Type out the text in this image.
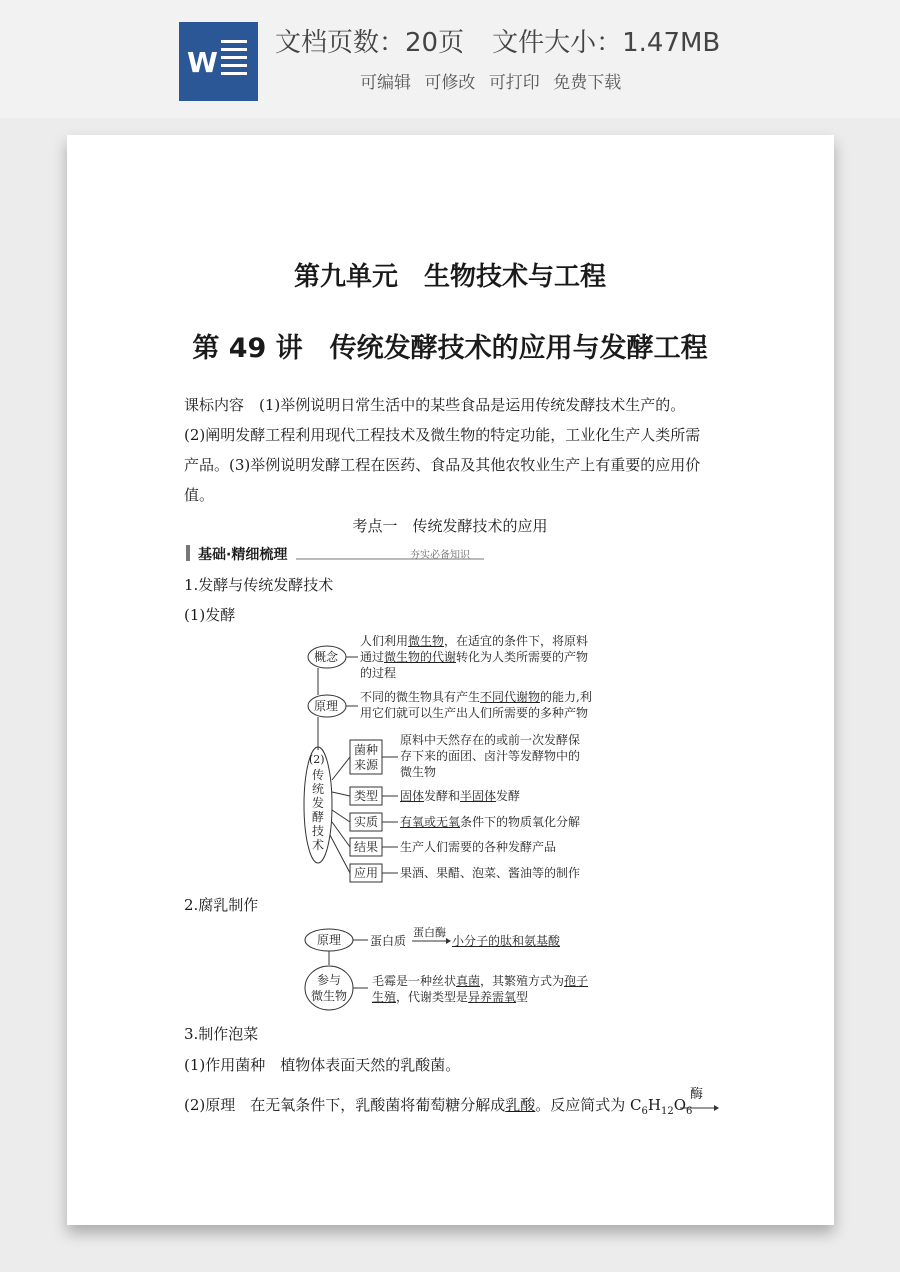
W
文档页数：20页 文件大小：1.47MB
可编辑 可修改 可打印 免费下载
第九单元　生物技术与工程
第 49 讲　传统发酵技术的应用与发酵工程
课标内容　(1)举例说明日常生活中的某些食品是运用传统发酵技术生产的。
(2)阐明发酵工程利用现代工程技术及微生物的特定功能，工业化生产人类所需
产品。(3)举例说明发酵工程在医药、食品及其他农牧业生产上有重要的应用价
值。
考点一　传统发酵技术的应用
基础·精细梳理	夯实必备知识
1.发酵与传统发酵技术
(1)发酵
概念
人们利用微生物，在适宜的条件下，将原料
通过微生物的代谢转化为人类所需要的产物
的过程
原理
不同的微生物具有产生不同代谢物的能力,利
用它们就可以生产出人们所需要的多种产物
(2)
传统发酵技术
菌种
来源
原料中天然存在的或前一次发酵保
存下来的面团、卤汁等发酵物中的
微生物
类型 固体发酵和半固体发酵
实质 有氧或无氧条件下的物质氧化分解
结果 生产人们需要的各种发酵产品
应用 果酒、果醋、泡菜、酱油等的制作
2.腐乳制作
原理 蛋白质
蛋白酶
小分子的肽和氨基酸
参与
微生物
毛霉是一种丝状真菌，其繁殖方式为孢子
生殖，代谢类型是异养需氧型
3.制作泡菜
(1)作用菌种　植物体表面天然的乳酸菌。
(2)原理　在无氧条件下，乳酸菌将葡萄糖分解成乳酸。反应简式为 $C_6H_{12}O_6$
酶
